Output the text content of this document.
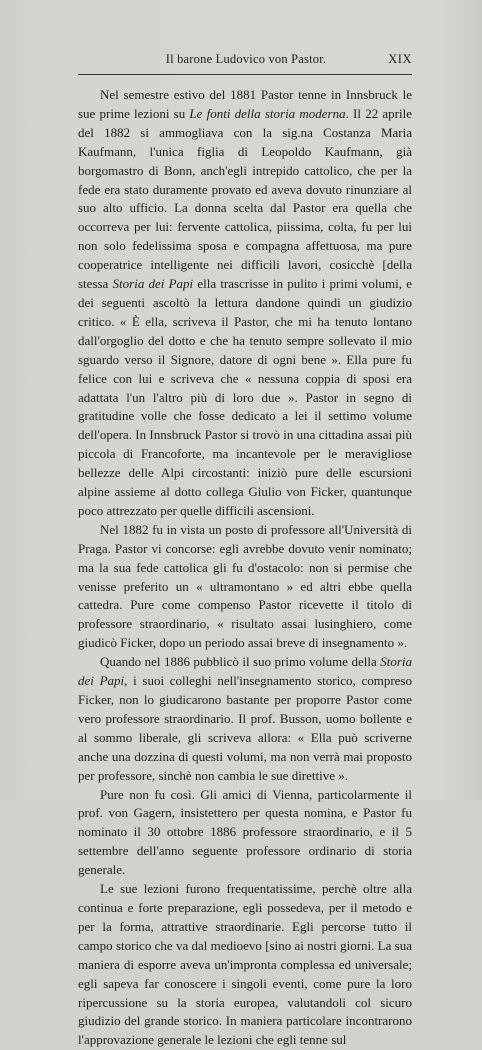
Il barone Ludovico von Pastor.	XIX

Nel semestre estivo del 1881 Pastor tenne in Innsbruck le sue prime lezioni su Le fonti della storia moderna. Il 22 aprile del 1882 si ammogliava con la sig.na Costanza Maria Kaufmann, l'unica figlia di Leopoldo Kaufmann, già borgomastro di Bonn, anch'egli intrepido cattolico, che per la fede era stato duramente provato ed aveva dovuto rinunziare al suo alto ufficio. La donna scelta dal Pastor era quella che occorreva per lui: fervente cattolica, piissima, colta, fu per lui non solo fedelissima sposa e compagna affettuosa, ma pure cooperatrice intelligente nei difficili lavori, cosicchè [della stessa Storia dei Papi ella trascrisse in pulito i primi volumi, e dei seguenti ascoltò la lettura dandone quindi un giudizio critico. « È ella, scriveva il Pastor, che mi ha tenuto lontano dall'orgoglio del dotto e che ha tenuto sempre sollevato il mio sguardo verso il Signore, datore di ogni bene ». Ella pure fu felice con lui e scriveva che « nessuna coppia di sposi era adattata l'un l'altro più di loro due ». Pastor in segno di gratitudine volle che fosse dedicato a lei il settimo volume dell'opera. In Innsbruck Pastor si trovò in una cittadina assai più piccola di Francoforte, ma incantevole per le meravigliose bellezze delle Alpi circostanti: iniziò pure delle escursioni alpine assieme al dotto collega Giulio von Ficker, quantunque poco attrezzato per quelle difficili ascensioni.

Nel 1882 fu in vista un posto di professore all'Università di Praga. Pastor vi concorse: egli avrebbe dovuto venir nominato; ma la sua fede cattolica gli fu d'ostacolo: non si permise che venisse preferito un « ultramontano » ed altri ebbe quella cattedra. Pure come compenso Pastor ricevette il titolo di professore straordinario, « risultato assai lusinghiero, come giudicò Ficker, dopo un periodo assai breve di insegnamento ».

Quando nel 1886 pubblicò il suo primo volume della Storia dei Papi, i suoi colleghi nell'insegnamento storico, compreso Ficker, non lo giudicarono bastante per proporre Pastor come vero professore straordinario. Il prof. Busson, uomo bollente e al sommo liberale, gli scriveva allora: « Ella può scriverne anche una dozzina di questi volumi, ma non verrà mai proposto per professore, sinchè non cambia le sue direttive ».

Pure non fu così. Gli amici di Vienna, particolarmente il prof. von Gagern, insistettero per questa nomina, e Pastor fu nominato il 30 ottobre 1886 professore straordinario, e il 5 settembre dell'anno seguente professore ordinario di storia generale.

Le sue lezioni furono frequentatissime, perchè oltre alla continua e forte preparazione, egli possedeva, per il metodo e per la forma, attrattive straordinarie. Egli percorse tutto il campo storico che va dal medioevo [sino ai nostri giorni. La sua maniera di esporre aveva un'impronta complessa ed universale; egli sapeva far conoscere i singoli eventi, come pure la loro ripercussione su la storia europea, valutandoli col sicuro giudizio del grande storico. In maniera particolare incontrarono l'approvazione generale le lezioni che egli tenne sul
